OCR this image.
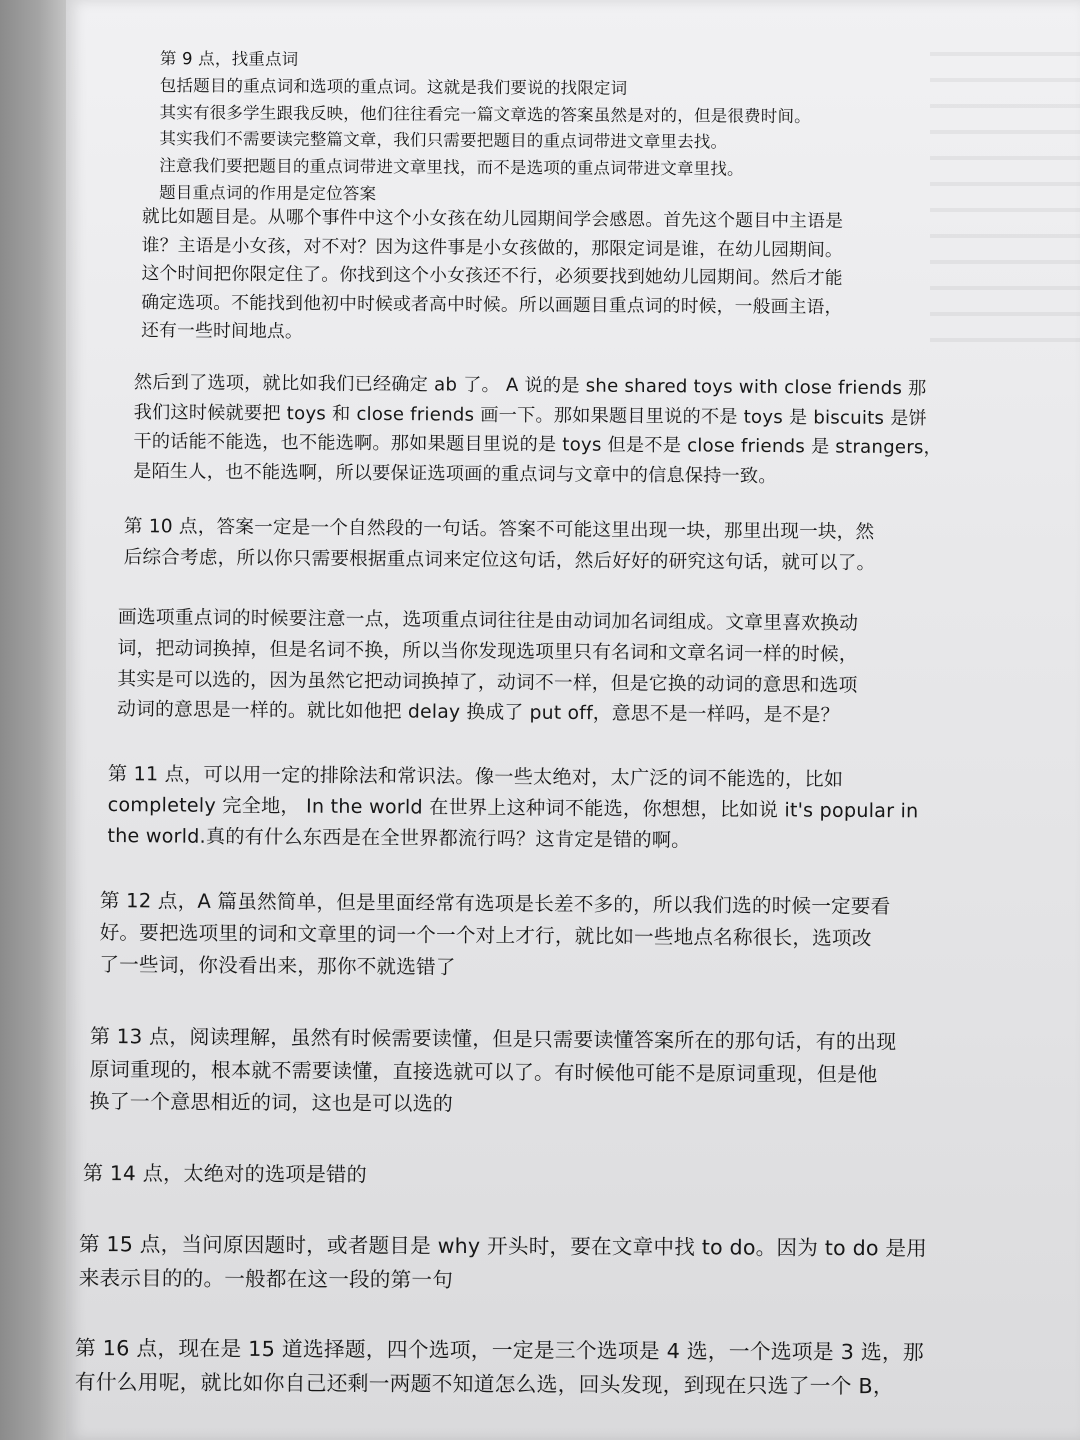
第 9 点，找重点词
包括题目的重点词和选项的重点词。这就是我们要说的找限定词
其实有很多学生跟我反映，他们往往看完一篇文章选的答案虽然是对的，但是很费时间。
其实我们不需要读完整篇文章，我们只需要把题目的重点词带进文章里去找。
注意我们要把题目的重点词带进文章里找，而不是选项的重点词带进文章里找。
题目重点词的作用是定位答案

就比如题目是。从哪个事件中这个小女孩在幼儿园期间学会感恩。首先这个题目中主语是
谁？主语是小女孩，对不对？因为这件事是小女孩做的，那限定词是谁，在幼儿园期间。
这个时间把你限定住了。你找到这个小女孩还不行，必须要找到她幼儿园期间。然后才能
确定选项。不能找到他初中时候或者高中时候。所以画题目重点词的时候，一般画主语，
还有一些时间地点。

然后到了选项，就比如我们已经确定 ab 了。 A 说的是 she shared toys with close friends 那
我们这时候就要把 toys 和 close friends 画一下。那如果题目里说的不是 toys 是 biscuits 是饼
干的话能不能选，也不能选啊。那如果题目里说的是 toys 但是不是 close friends 是 strangers，
是陌生人，也不能选啊，所以要保证选项画的重点词与文章中的信息保持一致。

第 10 点，答案一定是一个自然段的一句话。答案不可能这里出现一块，那里出现一块，然
后综合考虑，所以你只需要根据重点词来定位这句话，然后好好的研究这句话，就可以了。

画选项重点词的时候要注意一点，选项重点词往往是由动词加名词组成。文章里喜欢换动
词，把动词换掉，但是名词不换，所以当你发现选项里只有名词和文章名词一样的时候，
其实是可以选的，因为虽然它把动词换掉了，动词不一样，但是它换的动词的意思和选项
动词的意思是一样的。就比如他把 delay 换成了 put off，意思不是一样吗，是不是？

第 11 点，可以用一定的排除法和常识法。像一些太绝对，太广泛的词不能选的，比如
completely 完全地， In the world 在世界上这种词不能选，你想想，比如说 it's popular in
the world.真的有什么东西是在全世界都流行吗？这肯定是错的啊。

第 12 点，A 篇虽然简单，但是里面经常有选项是长差不多的，所以我们选的时候一定要看
好。要把选项里的词和文章里的词一个一个对上才行，就比如一些地点名称很长，选项改
了一些词，你没看出来，那你不就选错了

第 13 点，阅读理解，虽然有时候需要读懂，但是只需要读懂答案所在的那句话，有的出现
原词重现的，根本就不需要读懂，直接选就可以了。有时候他可能不是原词重现，但是他
换了一个意思相近的词，这也是可以选的

第 14 点，太绝对的选项是错的

第 15 点，当问原因题时，或者题目是 why 开头时，要在文章中找 to do。因为 to do 是用
来表示目的的。一般都在这一段的第一句

第 16 点，现在是 15 道选择题，四个选项，一定是三个选项是 4 选，一个选项是 3 选，那
有什么用呢，就比如你自己还剩一两题不知道怎么选，回头发现，到现在只选了一个 B，
